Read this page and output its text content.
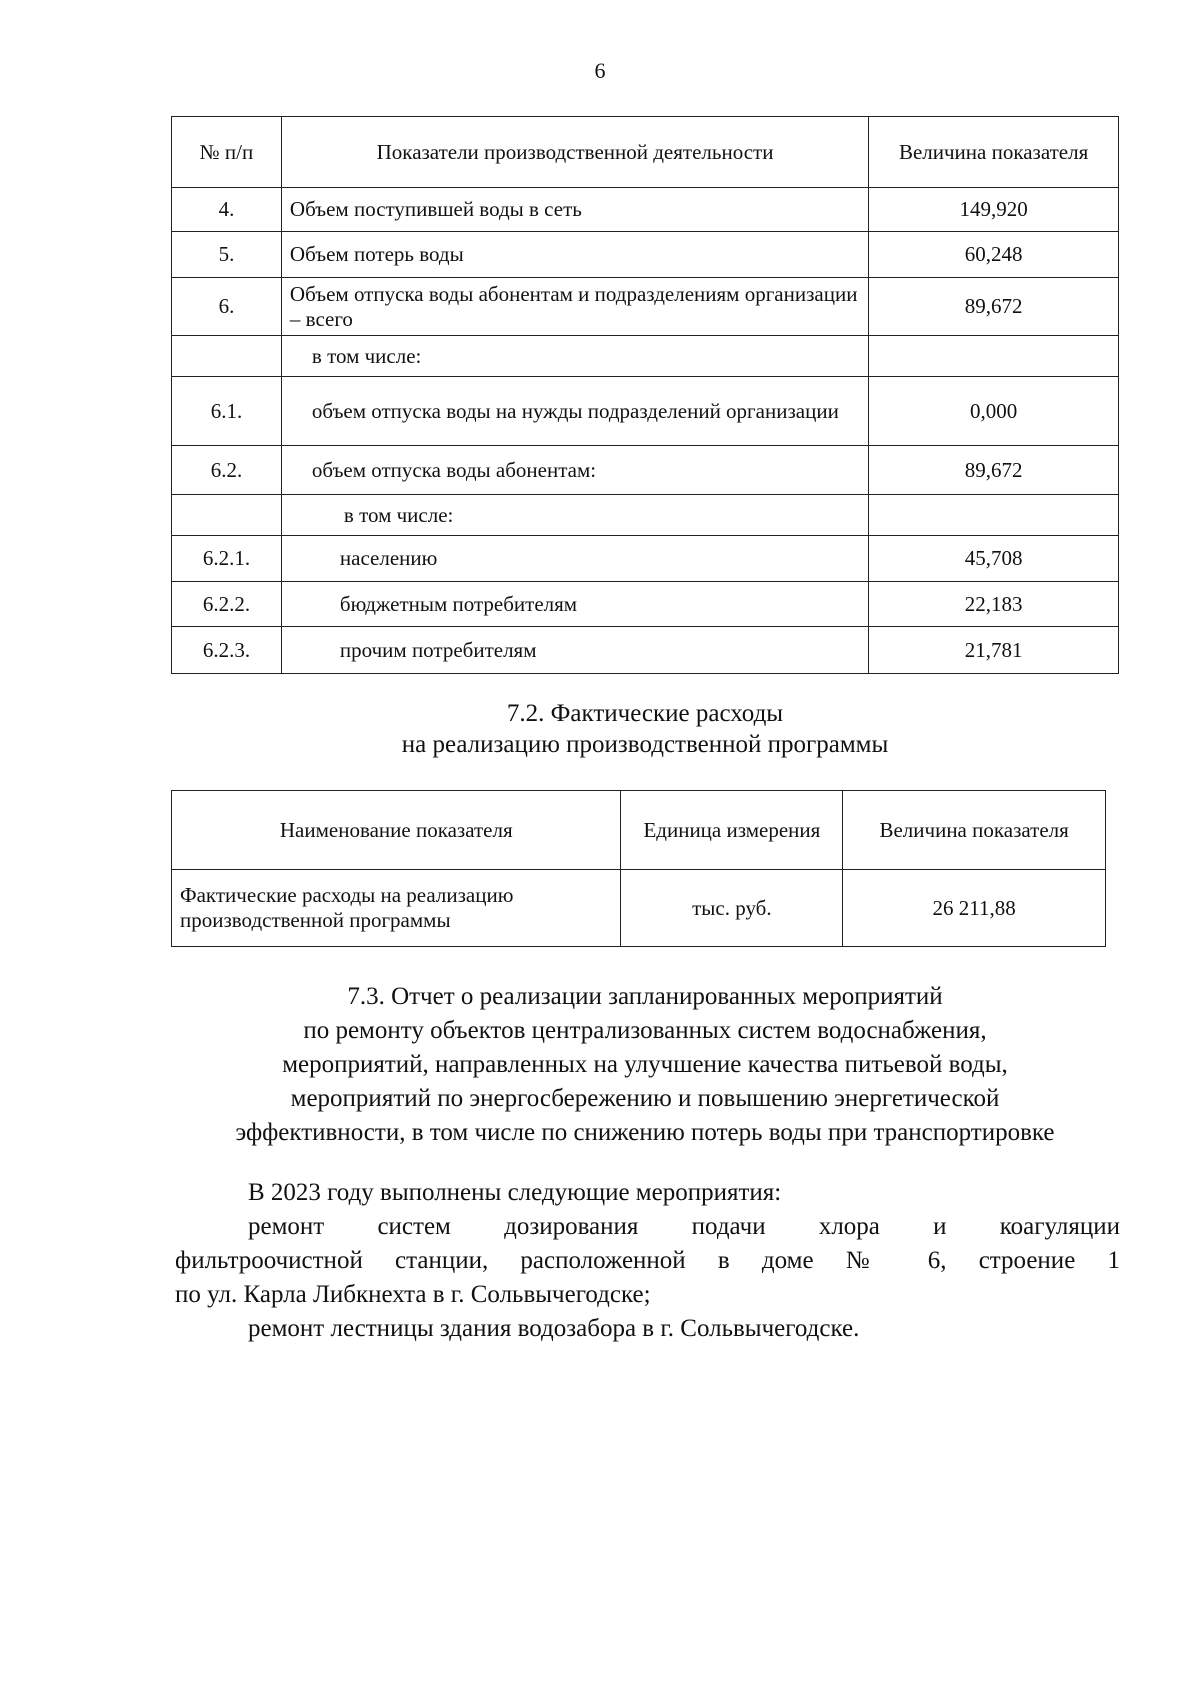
6
№ п/п	Показатели производственной деятельности	Величина показателя
4.	Объем поступившей воды в сеть	149,920
5.	Объем потерь воды	60,248
6.	Объем отпуска воды абонентам и подразделениям организации – всего	89,672
	в том числе:	
6.1.	объем отпуска воды на нужды подразделений организации	0,000
6.2.	объем отпуска воды абонентам:	89,672
	в том числе:	
6.2.1.	населению	45,708
6.2.2.	бюджетным потребителям	22,183
6.2.3.	прочим потребителям	21,781
7.2. Фактические расходы
на реализацию производственной программы
Наименование показателя	Единица измерения	Величина показателя
Фактические расходы на реализацию производственной программы	тыс. руб.	26 211,88
7.3. Отчет о реализации запланированных мероприятий
по ремонту объектов централизованных систем водоснабжения,
мероприятий, направленных на улучшение качества питьевой воды,
мероприятий по энергосбережению и повышению энергетической
эффективности, в том числе по снижению потерь воды при транспортировке

В 2023 году выполнены следующие мероприятия:

ремонт систем дозирования подачи хлора и коагуляции

фильтроочистной станции, расположенной в доме № 6, строение 1

по ул. Карла Либкнехта в г. Сольвычегодске;

ремонт лестницы здания водозабора в г. Сольвычегодске.
